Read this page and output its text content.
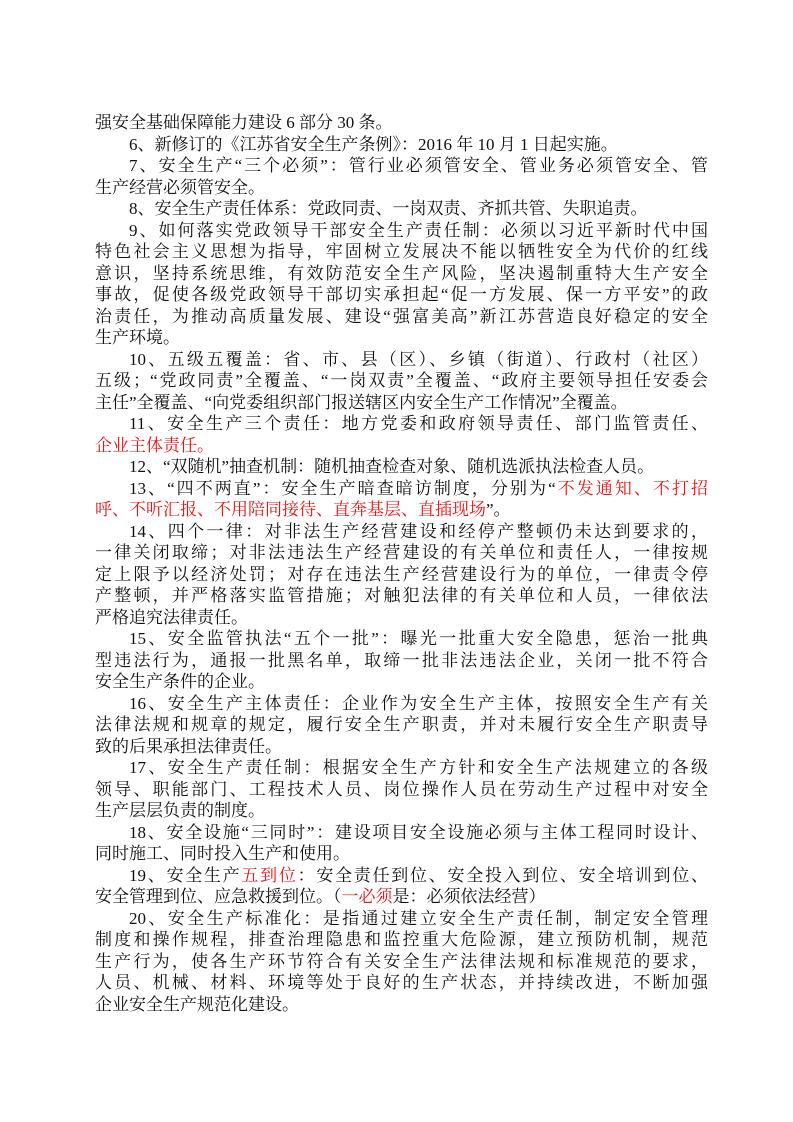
强安全基础保障能力建设 6 部分 30 条。
6、新修订的《江苏省安全生产条例》：2016 年 10 月 1 日起实施。
7、安全生产“三个必须”：管行业必须管安全、管业务必须管安全、管
生产经营必须管安全。
8、安全生产责任体系：党政同责、一岗双责、齐抓共管、失职追责。
9、如何落实党政领导干部安全生产责任制：必须以习近平新时代中国
特色社会主义思想为指导，牢固树立发展决不能以牺牲安全为代价的红线
意识，坚持系统思维，有效防范安全生产风险，坚决遏制重特大生产安全
事故，促使各级党政领导干部切实承担起“促一方发展、保一方平安”的政
治责任，为推动高质量发展、建设“强富美高”新江苏营造良好稳定的安全
生产环境。
10、五级五覆盖：省、市、县（区）、乡镇（街道）、行政村（社区）
五级；“党政同责”全覆盖、“一岗双责”全覆盖、“政府主要领导担任安委会
主任”全覆盖、“向党委组织部门报送辖区内安全生产工作情况”全覆盖。
11、安全生产三个责任：地方党委和政府领导责任、部门监管责任、
企业主体责任。
12、“双随机”抽查机制：随机抽查检查对象、随机选派执法检查人员。
13、“四不两直”：安全生产暗查暗访制度，分别为“不发通知、不打招
呼、不听汇报、不用陪同接待、直奔基层、直插现场”。
14、四个一律：对非法生产经营建设和经停产整顿仍未达到要求的，
一律关闭取缔；对非法违法生产经营建设的有关单位和责任人，一律按规
定上限予以经济处罚；对存在违法生产经营建设行为的单位，一律责令停
产整顿，并严格落实监管措施；对触犯法律的有关单位和人员，一律依法
严格追究法律责任。
15、安全监管执法“五个一批”：曝光一批重大安全隐患，惩治一批典
型违法行为，通报一批黑名单，取缔一批非法违法企业，关闭一批不符合
安全生产条件的企业。
16、安全生产主体责任：企业作为安全生产主体，按照安全生产有关
法律法规和规章的规定，履行安全生产职责，并对未履行安全生产职责导
致的后果承担法律责任。
17、安全生产责任制：根据安全生产方针和安全生产法规建立的各级
领导、职能部门、工程技术人员、岗位操作人员在劳动生产过程中对安全
生产层层负责的制度。
18、安全设施“三同时”：建设项目安全设施必须与主体工程同时设计、
同时施工、同时投入生产和使用。
19、安全生产五到位：安全责任到位、安全投入到位、安全培训到位、
安全管理到位、应急救援到位。（一必须是：必须依法经营）
20、安全生产标准化：是指通过建立安全生产责任制，制定安全管理
制度和操作规程，排查治理隐患和监控重大危险源，建立预防机制，规范
生产行为，使各生产环节符合有关安全生产法律法规和标准规范的要求，
人员、机械、材料、环境等处于良好的生产状态，并持续改进，不断加强
企业安全生产规范化建设。
